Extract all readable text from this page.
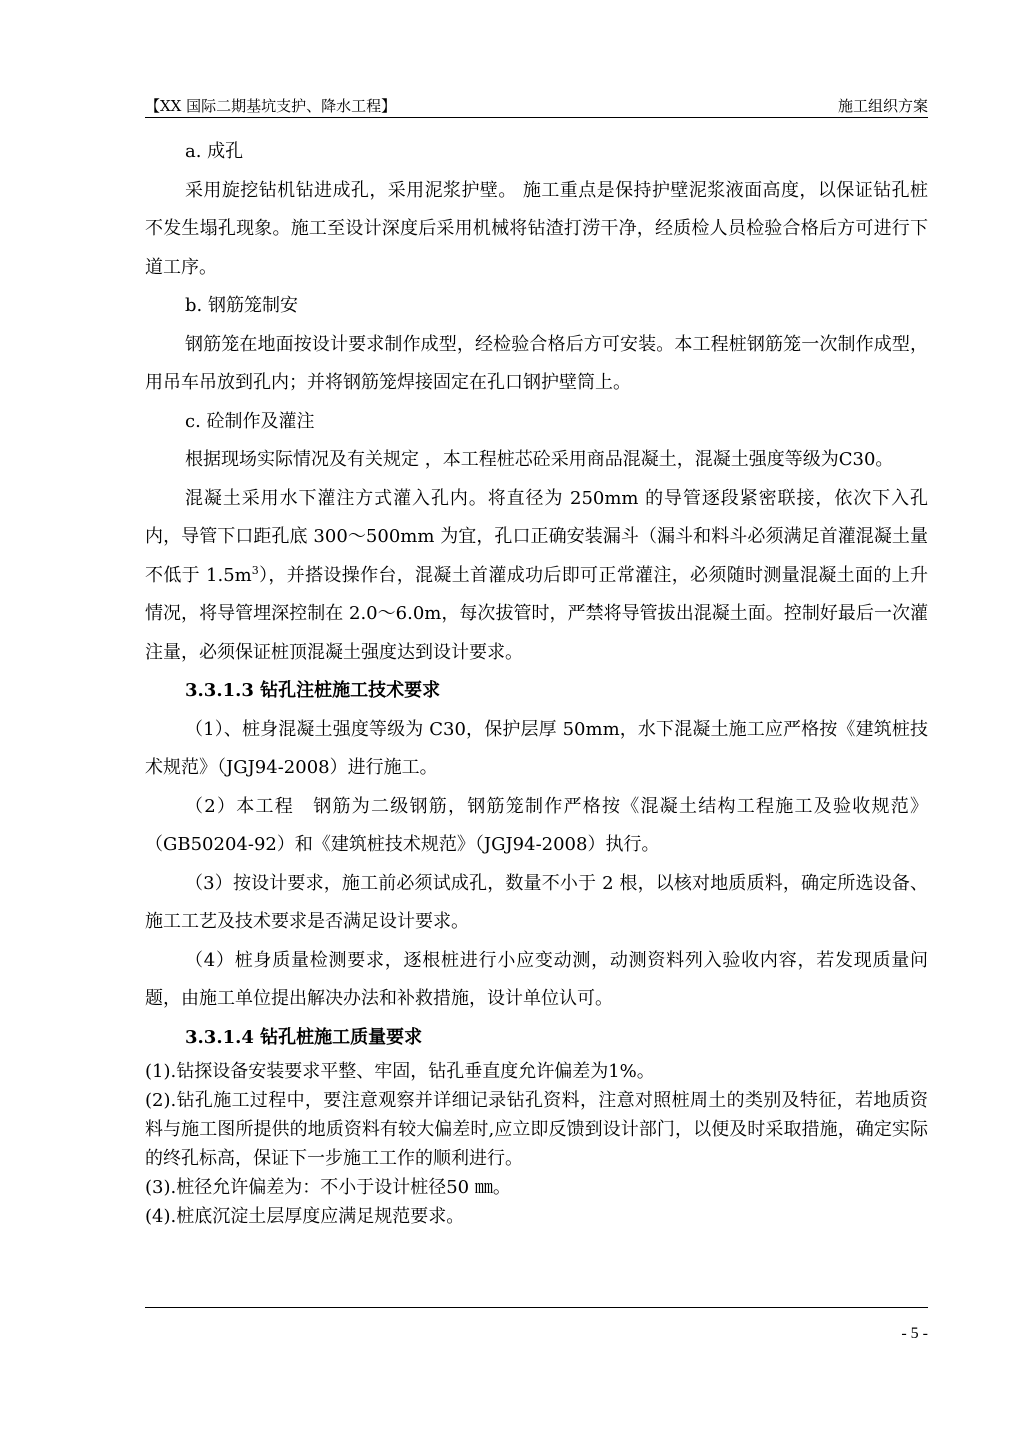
【XX 国际二期基坑支护、降水工程】	施工组织方案

a. 成孔

采用旋挖钻机钻进成孔，采用泥浆护壁。 施工重点是保持护壁泥浆液面高度，以保证钻孔桩不发生塌孔现象。施工至设计深度后采用机械将钻渣打涝干净，经质检人员检验合格后方可进行下道工序。

b. 钢筋笼制安

钢筋笼在地面按设计要求制作成型，经检验合格后方可安装。本工程桩钢筋笼一次制作成型，用吊车吊放到孔内；并将钢筋笼焊接固定在孔口钢护壁筒上。

c. 砼制作及灌注

根据现场实际情况及有关规定 ，本工程桩芯砼采用商品混凝土，混凝土强度等级为C30。

混凝土采用水下灌注方式灌入孔内。将直径为 250mm 的导管逐段紧密联接，依次下入孔内，导管下口距孔底 300～500mm 为宜，孔口正确安装漏斗（漏斗和料斗必须满足首灌混凝土量不低于 $1.5m^3$），并搭设操作台，混凝土首灌成功后即可正常灌注，必须随时测量混凝土面的上升情况，将导管埋深控制在 2.0～6.0m，每次拔管时，严禁将导管拔出混凝土面。控制好最后一次灌注量，必须保证桩顶混凝土强度达到设计要求。

3.3.1.3 钻孔注桩施工技术要求

（1）、桩身混凝土强度等级为 C30，保护层厚 50mm，水下混凝土施工应严格按《建筑桩技术规范》（JGJ94-2008）进行施工。

（2）本工程　钢筋为二级钢筋，钢筋笼制作严格按《混凝土结构工程施工及验收规范》（GB50204-92）和《建筑桩技术规范》（JGJ94-2008）执行。

（3）按设计要求，施工前必须试成孔，数量不小于 2 根，以核对地质质料，确定所选设备、施工工艺及技术要求是否满足设计要求。

（4）桩身质量检测要求，逐根桩进行小应变动测，动测资料列入验收内容，若发现质量问题，由施工单位提出解决办法和补救措施，设计单位认可。

3.3.1.4 钻孔桩施工质量要求

(1).钻探设备安装要求平整、牢固，钻孔垂直度允许偏差为1%。

(2).钻孔施工过程中，要注意观察并详细记录钻孔资料，注意对照桩周土的类别及特征，若地质资料与施工图所提供的地质资料有较大偏差时,应立即反馈到设计部门，以便及时采取措施，确定实际的终孔标高，保证下一步施工工作的顺利进行。

(3).桩径允许偏差为：不小于设计桩径50 ㎜。

(4).桩底沉淀土层厚度应满足规范要求。

- 5 -
